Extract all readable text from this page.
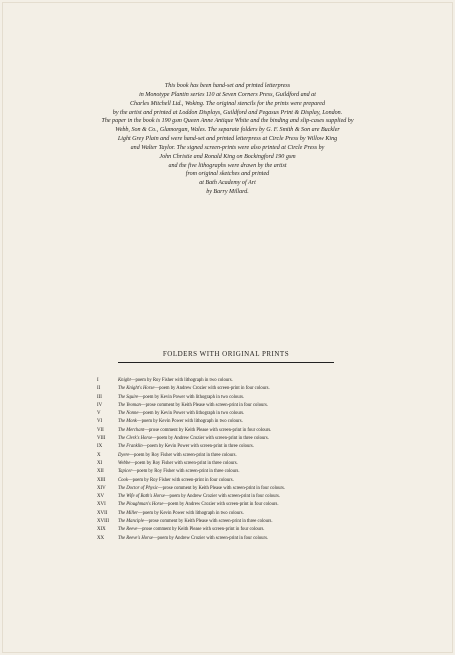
This book has been hand-set and printed letterpress
in Monotype Plantin series 110 at Seven Corners Press, Guildford and at
Charles Mitchell Ltd., Woking. The original stencils for the prints were prepared
by the artist and printed at Loddon Displays, Guildford and Pegasus Print & Display, London.
The paper in the book is 190 gsm Queen Anne Antique White and the binding and slip-cases supplied by
Webb, Son & Co., Glamorgan, Wales. The separate folders by G. F. Smith & Son are Buckler
Light Grey Plain and were hand-set and printed letterpress at Circle Press by Willow King
and Walter Taylor. The signed screen-prints were also printed at Circle Press by
John Christie and Ronald King on Bockingford 190 gsm
and the five lithographs were drawn by the artist
from original sketches and printed
at Bath Academy of Art
by Barry Millard.
FOLDERS WITH ORIGINAL PRINTS
I	Knight —poem by Roy Fisher with lithograph in two colours.
II	The Knight's Horse —poem by Andrew Crozier with screen-print in four colours.
III	The Squire —poem by Kevin Power with lithograph in two colours.
IV	The Yeoman —prose comment by Keith Please with screen-print in four colours.
V	The Nonne —poem by Kevin Power with lithograph in two colours.
VI	The Monk —poem by Kevin Power with lithograph in two colours.
VII	The Merchant —prose comment by Keith Please with screen-print in four colours.
VIII	The Clerk's Horse —poem by Andrew Crozier with screen-print in three colours.
IX	The Franklin —poem by Kevin Power with screen-print in three colours.
X	Dyere —poem by Roy Fisher with screen-print in three colours.
XI	Webbe —poem by Roy Fisher with screen-print in three colours.
XII	Tapicer —poem by Roy Fisher with screen-print in three colours.
XIII	Cook —poem by Roy Fisher with screen-print in four colours.
XIV	The Doctor of Physic —prose comment by Keith Please with screen-print in four colours.
XV	The Wife of Bath's Horse —poem by Andrew Crozier with screen-print in four colours.
XVI	The Ploughman's Horse —poem by Andrew Crozier with screen-print in four colours.
XVII	The Miller —poem by Kevin Power with lithograph in two colours.
XVIII	The Manciple —prose comment by Keith Please with screen-print in three colours.
XIX	The Reeve —prose comment by Keith Please with screen-print in four colours.
XX	The Reeve's Horse —poem by Andrew Crozier with screen-print in four colours.
